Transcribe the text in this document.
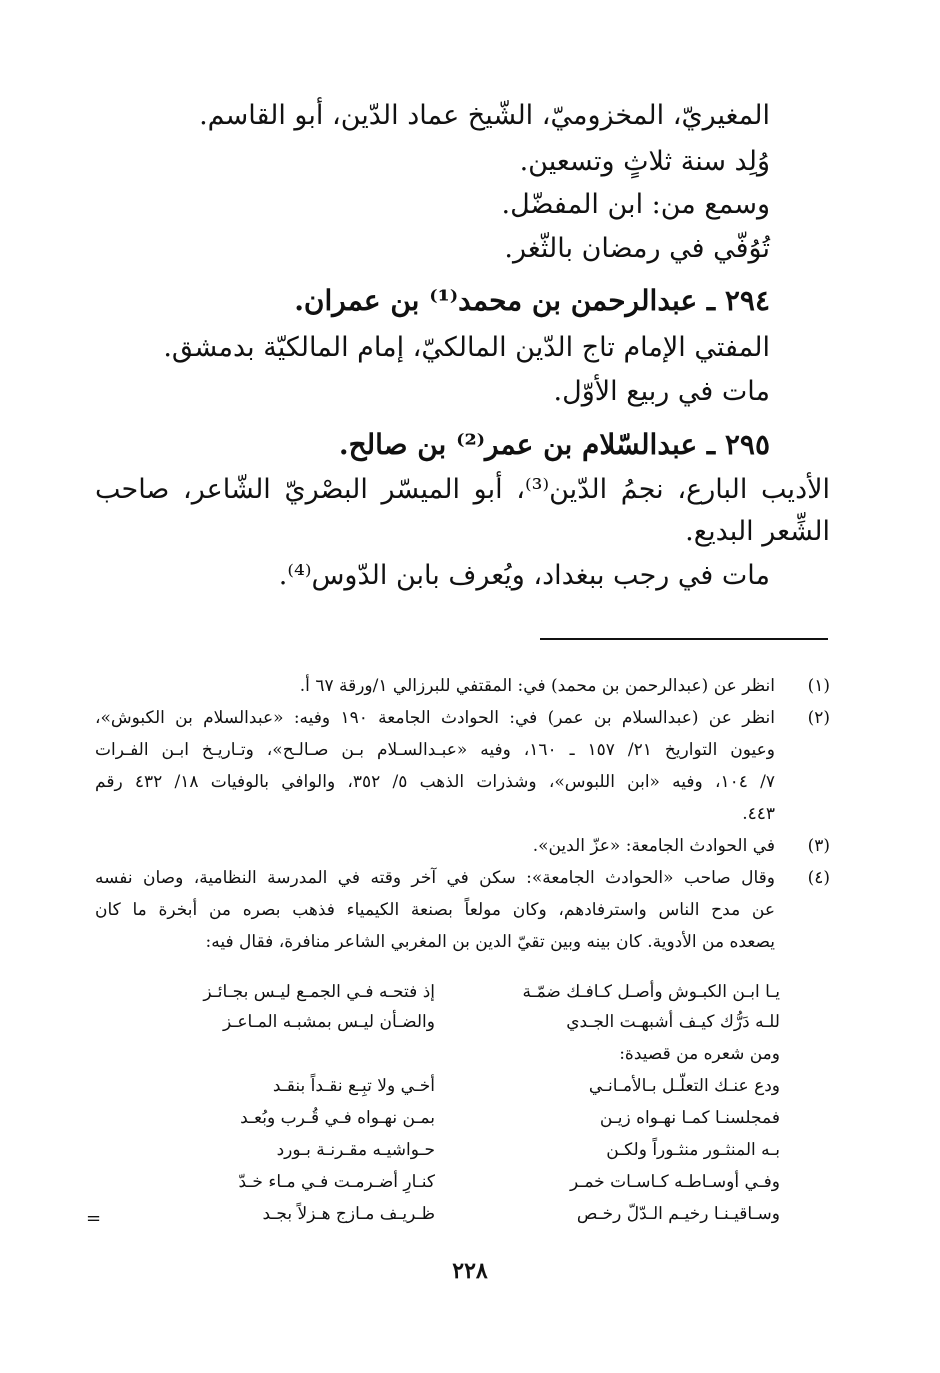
المغيريّ، المخزوميّ، الشّيخ عماد الدّين، أبو القاسم.
وُلِد سنة ثلاثٍ وتسعين.
وسمع من: ابن المفضّل.
تُوُفّي في رمضان بالثّغر.
٢٩٤ ـ عبدالرحمن بن محمد⁽¹⁾ بن عمران.
المفتي الإمام تاج الدّين المالكيّ، إمام المالكيّة بدمشق.
مات في ربيع الأوّل.
٢٩٥ ـ عبدالسّلام بن عمر⁽²⁾ بن صالح.
الأديب البارع، نجمُ الدّين⁽³⁾، أبو الميسّر البصْريّ الشّاعر، صاحب
الشِّعر البديع.
مات في رجب ببغداد، ويُعرف بابن الدّوس⁽⁴⁾.
(١)
انظر عن (عبدالرحمن بن محمد) في: المقتفي للبرزالي ١/ورقة ٦٧ أ.
(٢)
انظر عن (عبدالسلام بن عمر) في: الحوادث الجامعة ١٩٠ وفيه: «عبدالسلام بن الكبوش»،
وعيون التواريخ ٢١/ ١٥٧ ـ ١٦٠، وفيه «عبـدالسـلام بـن صـالـح»، وتـاريـخ ابـن الفـرات
٧/ ١٠٤، وفيه «ابن اللبوس»، وشذرات الذهب ٥/ ٣٥٢، والوافي بالوفيات ١٨/ ٤٣٢ رقم
٤٤٣.
(٣)
في الحوادث الجامعة: «عزّ الدين».
(٤)
وقال صاحب «الحوادث الجامعة»: سكن في آخر وقته في المدرسة النظامية، وصان نفسه
عن مدح الناس واسترفادهم، وكان مولعاً بصنعة الكيمياء فذهب بصره من أبخرة ما كان
يصعده من الأدوية. كان بينه وبين تقيّ الدين بن المغربي الشاعر منافرة، فقال فيه:
يـا ابـن الكبـوش وأصـل كـافـك ضمّـة
إذ فتحـه فـي الجمـع ليـس بجـائـز
للـه دَرُّك كيـف أشبهـت الجـدي
والضـأن ليـس بمشبـه المـاعـز
ومن شعره من قصيدة:
ودع عنـك التعلّـل بـالأمـانـي
أخـي ولا تبِـع نقـداً بنقـد
فمجلسنـا كمـا نهـواه زيـن
بمـن نهـواه فـي قُـرب وبُعـد
بـه المنثـور منثـوراً ولكـن
حـواشيـه مقـرنـة بـورد
وفـي أوسـاطـه كـاسـات خمـر
كنـارِ أضـرمـت فـي مـاء خـدّ
وسـاقيـنـا رخيـم الـدّلّ رخـص
ظـريـف مـازج هـزلاً بجـد
=
٢٢٨
